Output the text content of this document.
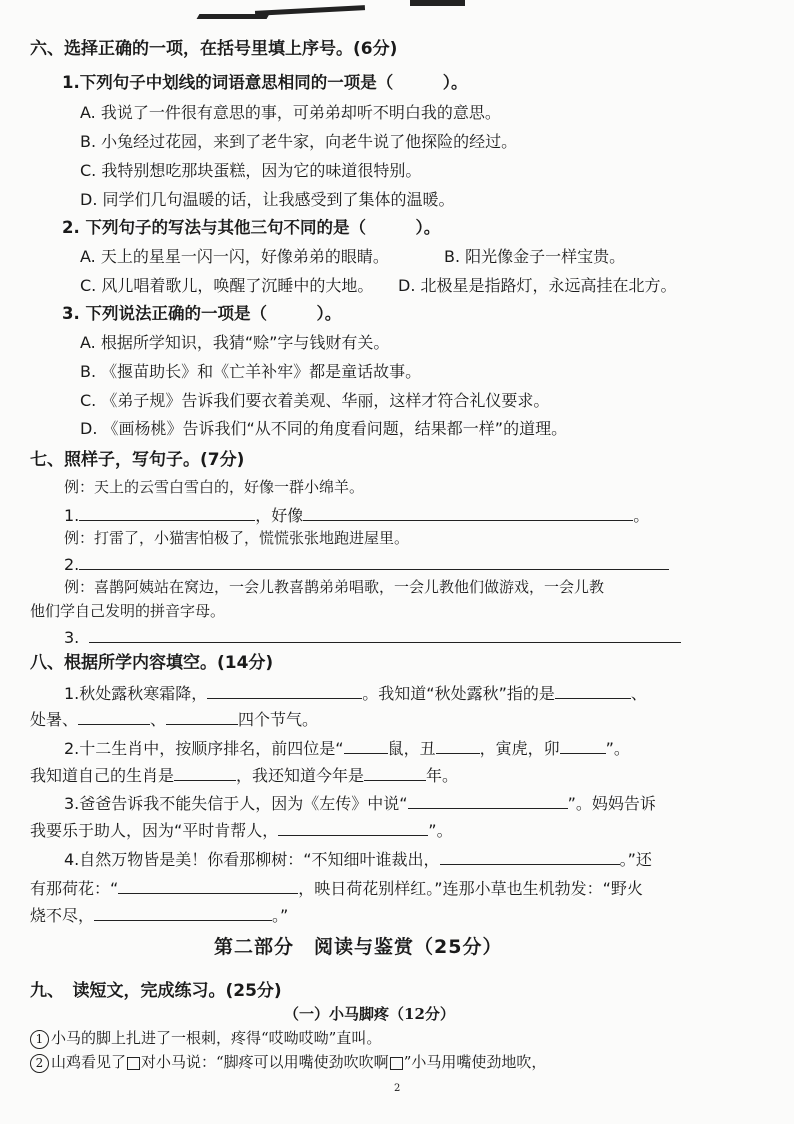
六、选择正确的一项，在括号里填上序号。(6分)
1.下列句子中划线的词语意思相同的一项是（　　　）。
A. 我说了一件很有意思的事，可弟弟却听不明白我的意思。
B. 小兔经过花园，来到了老牛家，向老牛说了他探险的经过。
C. 我特别想吃那块蛋糕，因为它的味道很特别。
D. 同学们几句温暖的话，让我感受到了集体的温暖。
2. 下列句子的写法与其他三句不同的是（　　　）。
A. 天上的星星一闪一闪，好像弟弟的眼睛。	B. 阳光像金子一样宝贵。
C. 风儿唱着歌儿，唤醒了沉睡中的大地。 D. 北极星是指路灯，永远高挂在北方。
3. 下列说法正确的一项是（　　　）。
A. 根据所学知识，我猜“赊”字与钱财有关。
B. 《揠苗助长》和《亡羊补牢》都是童话故事。
C. 《弟子规》告诉我们要衣着美观、华丽，这样才符合礼仪要求。
D. 《画杨桃》告诉我们“从不同的角度看问题，结果都一样”的道理。
七、照样子，写句子。(7分)
例：天上的云雪白雪白的，好像一群小绵羊。
1.	，好像	。
例：打雷了，小猫害怕极了，慌慌张张地跑进屋里。
2.
例：喜鹊阿姨站在窝边，一会儿教喜鹊弟弟唱歌，一会儿教他们做游戏，一会儿教
他们学自己发明的拼音字母。
3.
八、根据所学内容填空。(14分)
1.秋处露秋寒霜降，	。我知道“秋处露秋”指的是	、
处暑、	、	四个节气。
2.十二生肖中，按顺序排名，前四位是“	鼠，丑	，寅虎，卯	”。
我知道自己的生肖是	，我还知道今年是	年。
3.爸爸告诉我不能失信于人，因为《左传》中说“	”。妈妈告诉
我要乐于助人，因为“平时肯帮人，	”。
4.自然万物皆是美！你看那柳树：“不知细叶谁裁出，	。”还
有那荷花：“	，映日荷花别样红。”连那小草也生机勃发：“野火
烧不尽，	。”
第二部分　阅读与鉴赏（25分）
九、　读短文，完成练习。(25分)
（一）小马脚疼（12分）
1 小马的脚上扎进了一根刺，疼得“哎呦哎呦”直叫。
2 山鸡看见了 对小马说：“脚疼可以用嘴使劲吹吹啊 ”小马用嘴使劲地吹，
2
